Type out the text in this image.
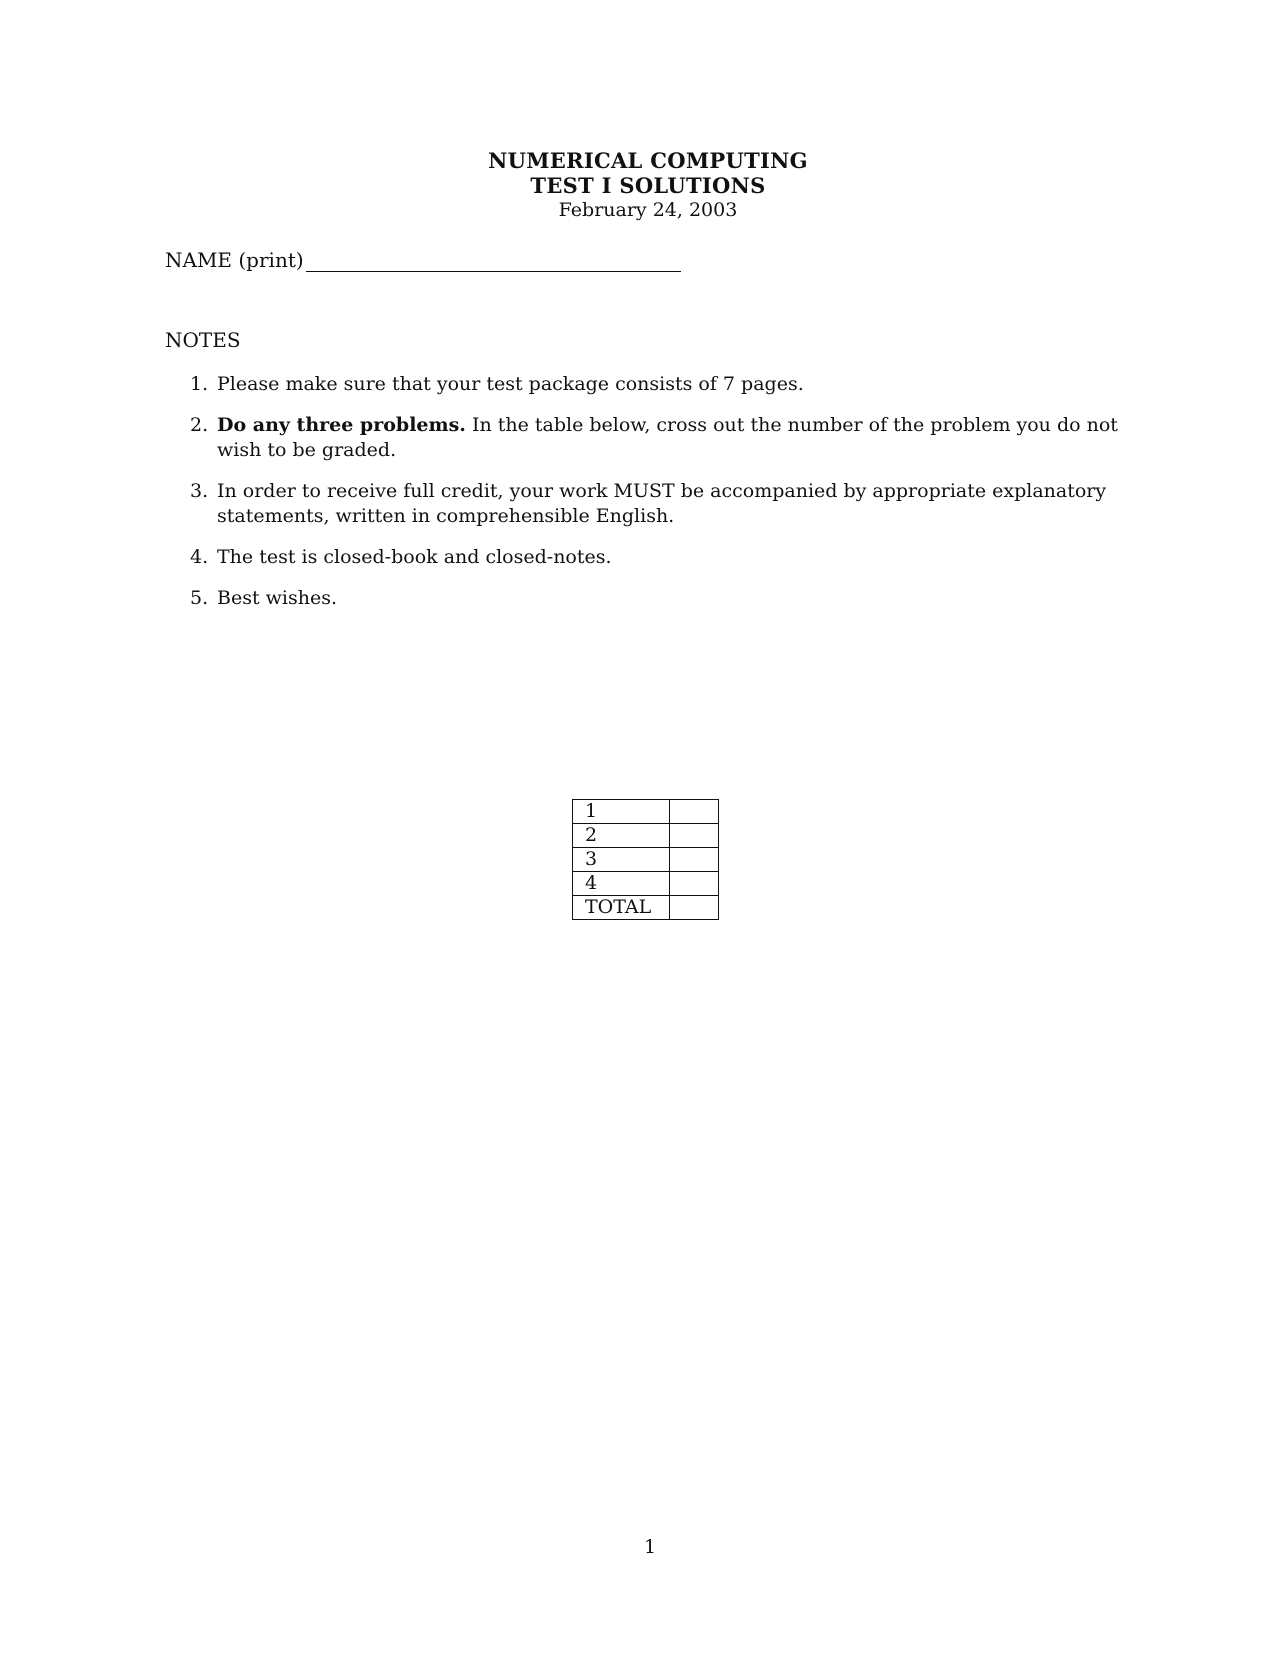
NUMERICAL COMPUTING
TEST I SOLUTIONS
February 24, 2003
NAME (print)
NOTES
1. Please make sure that your test package consists of 7 pages.
2. Do any three problems. In the table below, cross out the number of the problem you do not wish to be graded.
3. In order to receive full credit, your work MUST be accompanied by appropriate explanatory statements, written in comprehensible English.
4. The test is closed-book and closed-notes.
5. Best wishes.
1	
2	
3	
4	
TOTAL	
1
